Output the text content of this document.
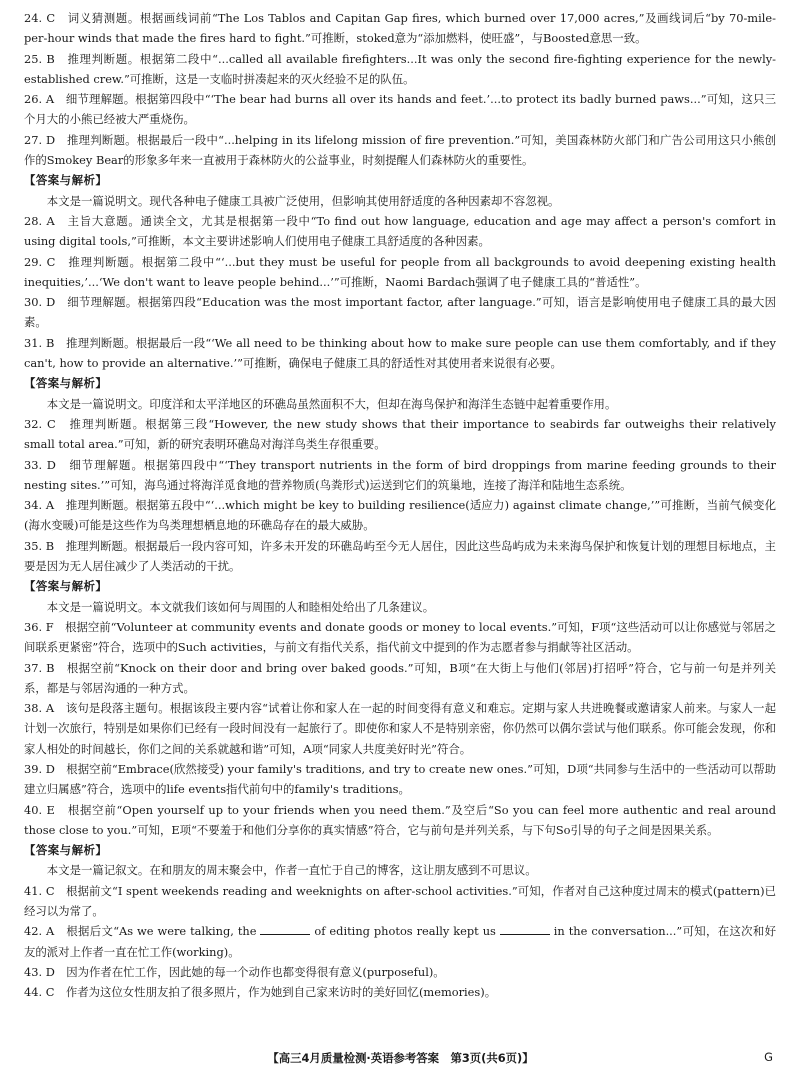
24. C　词义猜测题。根据画线词前“The Los Tablos and Capitan Gap fires, which burned over 17,000 acres,”及画线词后“by 70-mile-per-hour winds that made the fires hard to fight.”可推断，stoked意为“添加燃料，使旺盛”，与Boosted意思一致。

25. B　推理判断题。根据第二段中“...called all available firefighters...It was only the second fire-fighting experience for the newly-established crew.”可推断，这是一支临时拼凑起来的灭火经验不足的队伍。

26. A　细节理解题。根据第四段中“‘The bear had burns all over its hands and feet.’...to protect its badly burned paws...”可知，这只三个月大的小熊已经被大严重烧伤。

27. D　推理判断题。根据最后一段中“...helping in its lifelong mission of fire prevention.”可知，美国森林防火部门和广告公司用这只小熊创作的Smokey Bear的形象多年来一直被用于森林防火的公益事业，时刻提醒人们森林防火的重要性。

【答案与解析】

本文是一篇说明文。现代各种电子健康工具被广泛使用，但影响其使用舒适度的各种因素却不容忽视。

28. A　主旨大意题。通读全文，尤其是根据第一段中“To find out how language, education and age may affect a person's comfort in using digital tools,”可推断，本文主要讲述影响人们使用电子健康工具舒适度的各种因素。

29. C　推理判断题。根据第二段中“‘...but they must be useful for people from all backgrounds to avoid deepening existing health inequities,’...‘We don't want to leave people behind...’”可推断，Naomi Bardach强调了电子健康工具的“普适性”。

30. D　细节理解题。根据第四段“Education was the most important factor, after language.”可知，语言是影响使用电子健康工具的最大因素。

31. B　推理判断题。根据最后一段“‘We all need to be thinking about how to make sure people can use them comfortably, and if they can't, how to provide an alternative.’”可推断，确保电子健康工具的舒适性对其使用者来说很有必要。

【答案与解析】

本文是一篇说明文。印度洋和太平洋地区的环礁岛虽然面积不大，但却在海鸟保护和海洋生态链中起着重要作用。

32. C　推理判断题。根据第三段“However, the new study shows that their importance to seabirds far outweighs their relatively small total area.”可知，新的研究表明环礁岛对海洋鸟类生存很重要。

33. D　细节理解题。根据第四段中“‘They transport nutrients in the form of bird droppings from marine feeding grounds to their nesting sites.’”可知，海鸟通过将海洋觅食地的营养物质(鸟粪形式)运送到它们的筑巢地，连接了海洋和陆地生态系统。

34. A　推理判断题。根据第五段中“‘...which might be key to building resilience(适应力) against climate change,’”可推断，当前气候变化(海水变暖)可能是这些作为鸟类理想栖息地的环礁岛存在的最大威胁。

35. B　推理判断题。根据最后一段内容可知，许多未开发的环礁岛屿至今无人居住，因此这些岛屿成为未来海鸟保护和恢复计划的理想目标地点，主要是因为无人居住减少了人类活动的干扰。

【答案与解析】

本文是一篇说明文。本文就我们该如何与周围的人和睦相处给出了几条建议。

36. F　根据空前“Volunteer at community events and donate goods or money to local events.”可知，F项“这些活动可以让你感觉与邻居之间联系更紧密”符合，选项中的Such activities，与前文有指代关系，指代前文中提到的作为志愿者参与捐献等社区活动。

37. B　根据空前“Knock on their door and bring over baked goods.”可知，B项“在大街上与他们(邻居)打招呼”符合，它与前一句是并列关系，都是与邻居沟通的一种方式。

38. A　该句是段落主题句。根据该段主要内容“试着让你和家人在一起的时间变得有意义和难忘。定期与家人共进晚餐或邀请家人前来。与家人一起计划一次旅行，特别是如果你们已经有一段时间没有一起旅行了。即使你和家人不是特别亲密，你仍然可以偶尔尝试与他们联系。你可能会发现，你和家人相处的时间越长，你们之间的关系就越和谐”可知，A项“同家人共度美好时光”符合。

39. D　根据空前“Embrace(欣然接受) your family's traditions, and try to create new ones.”可知，D项“共同参与生活中的一些活动可以帮助建立归属感”符合，选项中的life events指代前句中的family's traditions。

40. E　根据空前“Open yourself up to your friends when you need them.”及空后“So you can feel more authentic and real around those close to you.”可知，E项“不要羞于和他们分享你的真实情感”符合，它与前句是并列关系，与下句So引导的句子之间是因果关系。

【答案与解析】

本文是一篇记叙文。在和朋友的周末聚会中，作者一直忙于自己的博客，这让朋友感到不可思议。

41. C　根据前文“I spent weekends reading and weeknights on after-school activities.”可知，作者对自己这种度过周末的模式(pattern)已经习以为常了。

42. A　根据后文“As we were talking, the	of editing photos really kept us	in the conversation...”可知，在这次和好友的派对上作者一直在忙工作(working)。

43. D　因为作者在忙工作，因此她的每一个动作也都变得很有意义(purposeful)。

44. C　作者为这位女性朋友拍了很多照片，作为她到自己家来访时的美好回忆(memories)。

【高三4月质量检测·英语参考答案　第3页(共6页)】	G
